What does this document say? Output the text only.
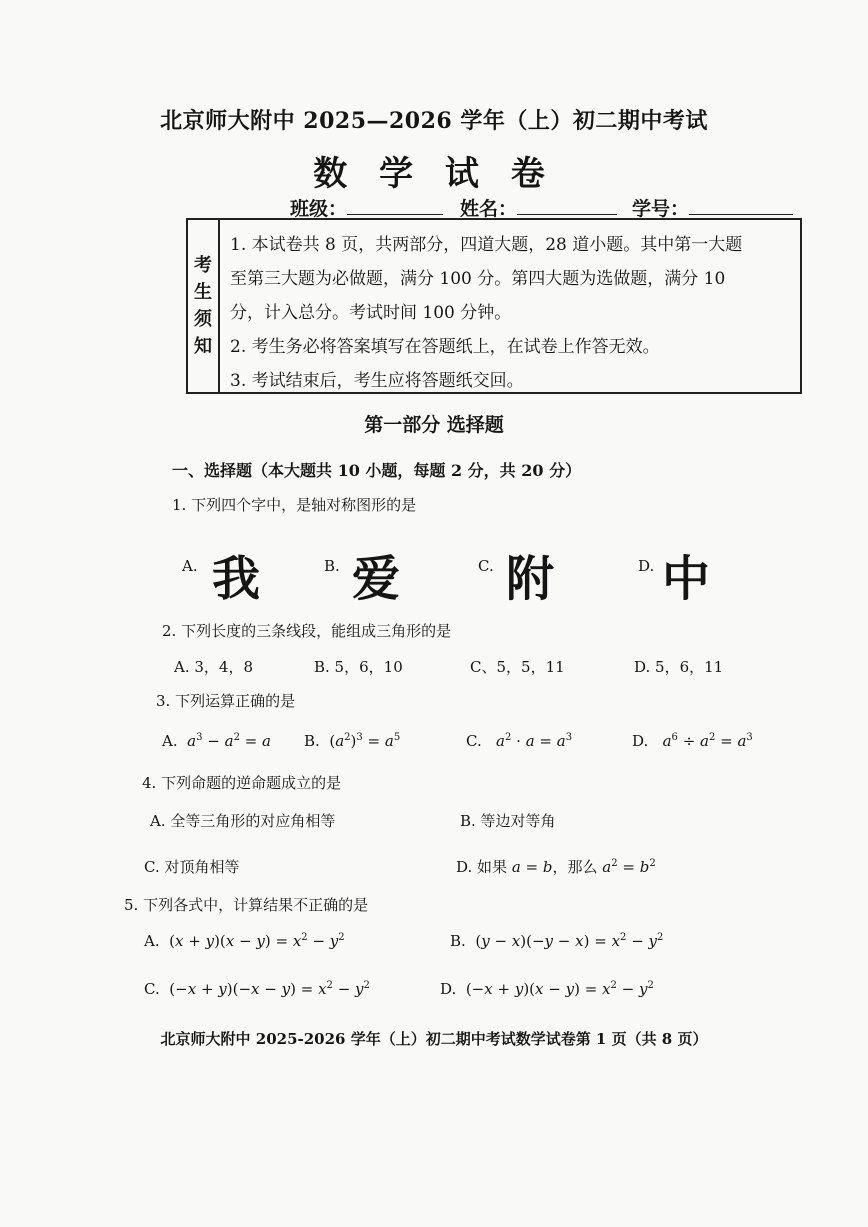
北京师大附中 2025—2026 学年（上）初二期中考试
数 学 试 卷
班级：	姓名：	学号：
考
生
须
知
1. 本试卷共 8 页，共两部分，四道大题，28 道小题。其中第一大题
至第三大题为必做题，满分 100 分。第四大题为选做题，满分 10
分，计入总分。考试时间 100 分钟。
2. 考生务必将答案填写在答题纸上，在试卷上作答无效。
3. 考试结束后，考生应将答题纸交回。
第一部分 选择题
一、选择题（本大题共 10 小题，每题 2 分，共 20 分）
1. 下列四个字中，是轴对称图形的是
A. 我	B. 爱	C. 附	D. 中
2. 下列长度的三条线段，能组成三角形的是
A. 3，4，8	B. 5，6，10	C、5，5，11	D. 5，6，11
3. 下列运算正确的是
A. $a^3 - a^2 = a$ B.  $(a^2)^3 = a^5$	C. $a^2 \cdot a = a^3$	D. $a^6 \div a^2 = a^3$
4. 下列命题的逆命题成立的是
A. 全等三角形的对应角相等	B. 等边对等角
C. 对顶角相等	D. 如果 a = b，那么 $a^2 = b^2$
5. 下列各式中，计算结果不正确的是
A.  $(x + y)(x - y) = x^2 - y^2$	B.  $(y - x)(-y - x) = x^2 - y^2$
C.  $(-x + y)(-x - y) = x^2 - y^2$	D.  $(-x + y)(x - y) = x^2 - y^2$
北京师大附中 2025-2026 学年（上）初二期中考试数学试卷第 1 页（共 8 页）
